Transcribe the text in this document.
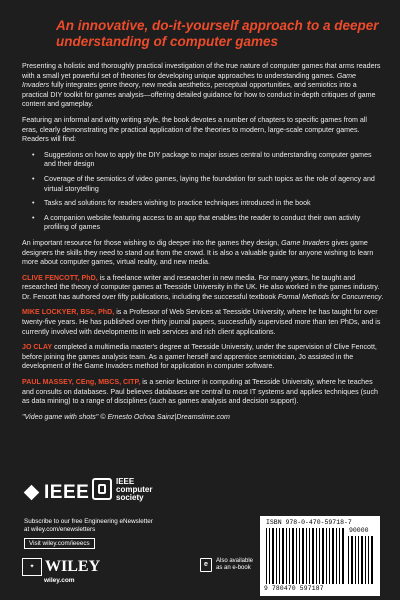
An innovative, do-it-yourself approach to a deeper understanding of computer games

Presenting a holistic and thoroughly practical investigation of the true nature of computer games that arms readers with a small yet powerful set of theories for developing unique approaches to understanding games. Game Invaders fully integrates genre theory, new media aesthetics, perceptual opportunities, and semiotics into a practical DIY toolkit for games analysis—offering detailed guidance for how to conduct in-depth critiques of game content and gameplay.

Featuring an informal and witty writing style, the book devotes a number of chapters to specific games from all eras, clearly demonstrating the practical application of the theories to modern, large-scale computer games. Readers will find:

• Suggestions on how to apply the DIY package to major issues central to understanding computer games and their design
• Coverage of the semiotics of video games, laying the foundation for such topics as the role of agency and virtual storytelling
• Tasks and solutions for readers wishing to practice techniques introduced in the book
• A companion website featuring access to an app that enables the reader to conduct their own activity profiling of games

An important resource for those wishing to dig deeper into the games they design, Game Invaders gives game designers the skills they need to stand out from the crowd. It is also a valuable guide for anyone wishing to learn more about computer games, virtual reality, and new media.

CLIVE FENCOTT, PhD, is a freelance writer and researcher in new media. For many years, he taught and researched the theory of computer games at Teesside University in the UK. He also worked in the games industry. Dr. Fencott has authored over fifty publications, including the successful textbook Formal Methods for Concurrency.

MIKE LOCKYER, BSc, PhD, is a Professor of Web Services at Teesside University, where he has taught for over twenty-five years. He has published over thirty journal papers, successfully supervised more than ten PhDs, and is currently involved with developments in web services and rich client applications.

JO CLAY completed a multimedia master's degree at Teesside University, under the supervision of Clive Fencott, before joining the games analysis team. As a gamer herself and apprentice semiotician, Jo assisted in the development of the Game Invaders method for application in computer software.

PAUL MASSEY, CEng, MBCS, CITP, is a senior lecturer in computing at Teesside University, where he teaches and consults on databases. Paul believes databases are central to most IT systems and applies techniques (such as data mining) to a range of disciplines (such as games analysis and decision support).

"Video game with shots" © Ernesto Ochoa Sainz|Dreamstime.com

IEEE
IEEE
computer
society
Subscribe to our free Engineering eNewsletter
at wiley.com/enewsletters
Visit wiley.com/ieeecs
✦ WILEY
wiley.com
e	Also available
as an e-book
ISBN 978-0-470-59718-7
90000
9 780470 597187
